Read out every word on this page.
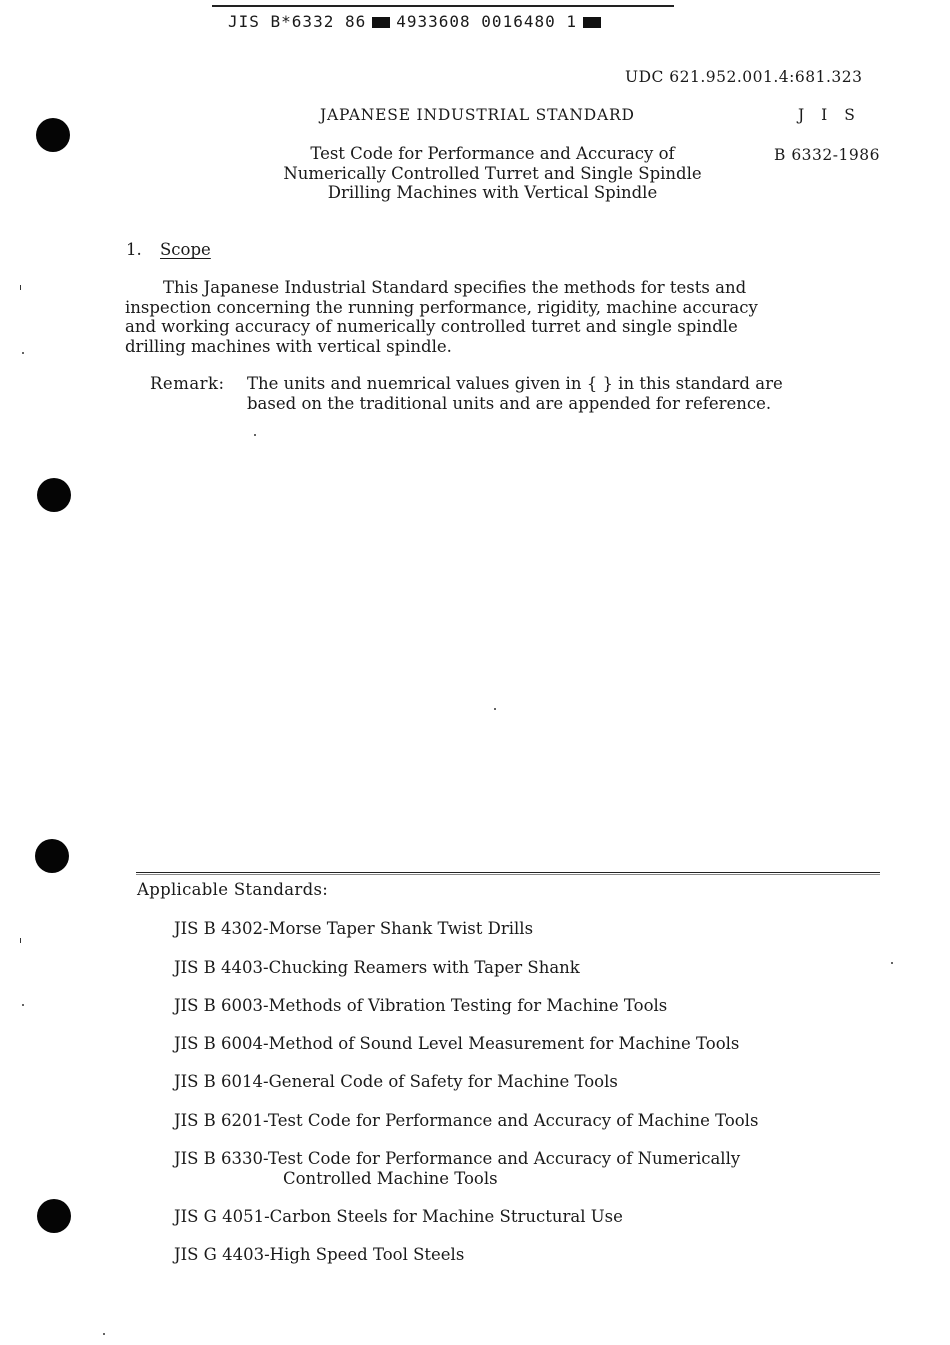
JIS B*6332 86 4933608 0016480 1
UDC 621.952.001.4:681.323
JAPANESE INDUSTRIAL STANDARD	J I S
B 6332-1986
Test Code for Performance and Accuracy of
Numerically Controlled Turret and Single Spindle
Drilling Machines with Vertical Spindle
1. Scope
This Japanese Industrial Standard specifies the methods for tests and
inspection concerning the running performance, rigidity, machine accuracy
and working accuracy of numerically controlled turret and single spindle
drilling machines with vertical spindle.
Remark: The units and nuemrical values given in { } in this standard are
based on the traditional units and are appended for reference.
Applicable Standards:
JIS B 4302-Morse Taper Shank Twist Drills
JIS B 4403-Chucking Reamers with Taper Shank
JIS B 6003-Methods of Vibration Testing for Machine Tools
JIS B 6004-Method of Sound Level Measurement for Machine Tools
JIS B 6014-General Code of Safety for Machine Tools
JIS B 6201-Test Code for Performance and Accuracy of Machine Tools
JIS B 6330-Test Code for Performance and Accuracy of Numerically
Controlled Machine Tools
JIS G 4051-Carbon Steels for Machine Structural Use
JIS G 4403-High Speed Tool Steels
